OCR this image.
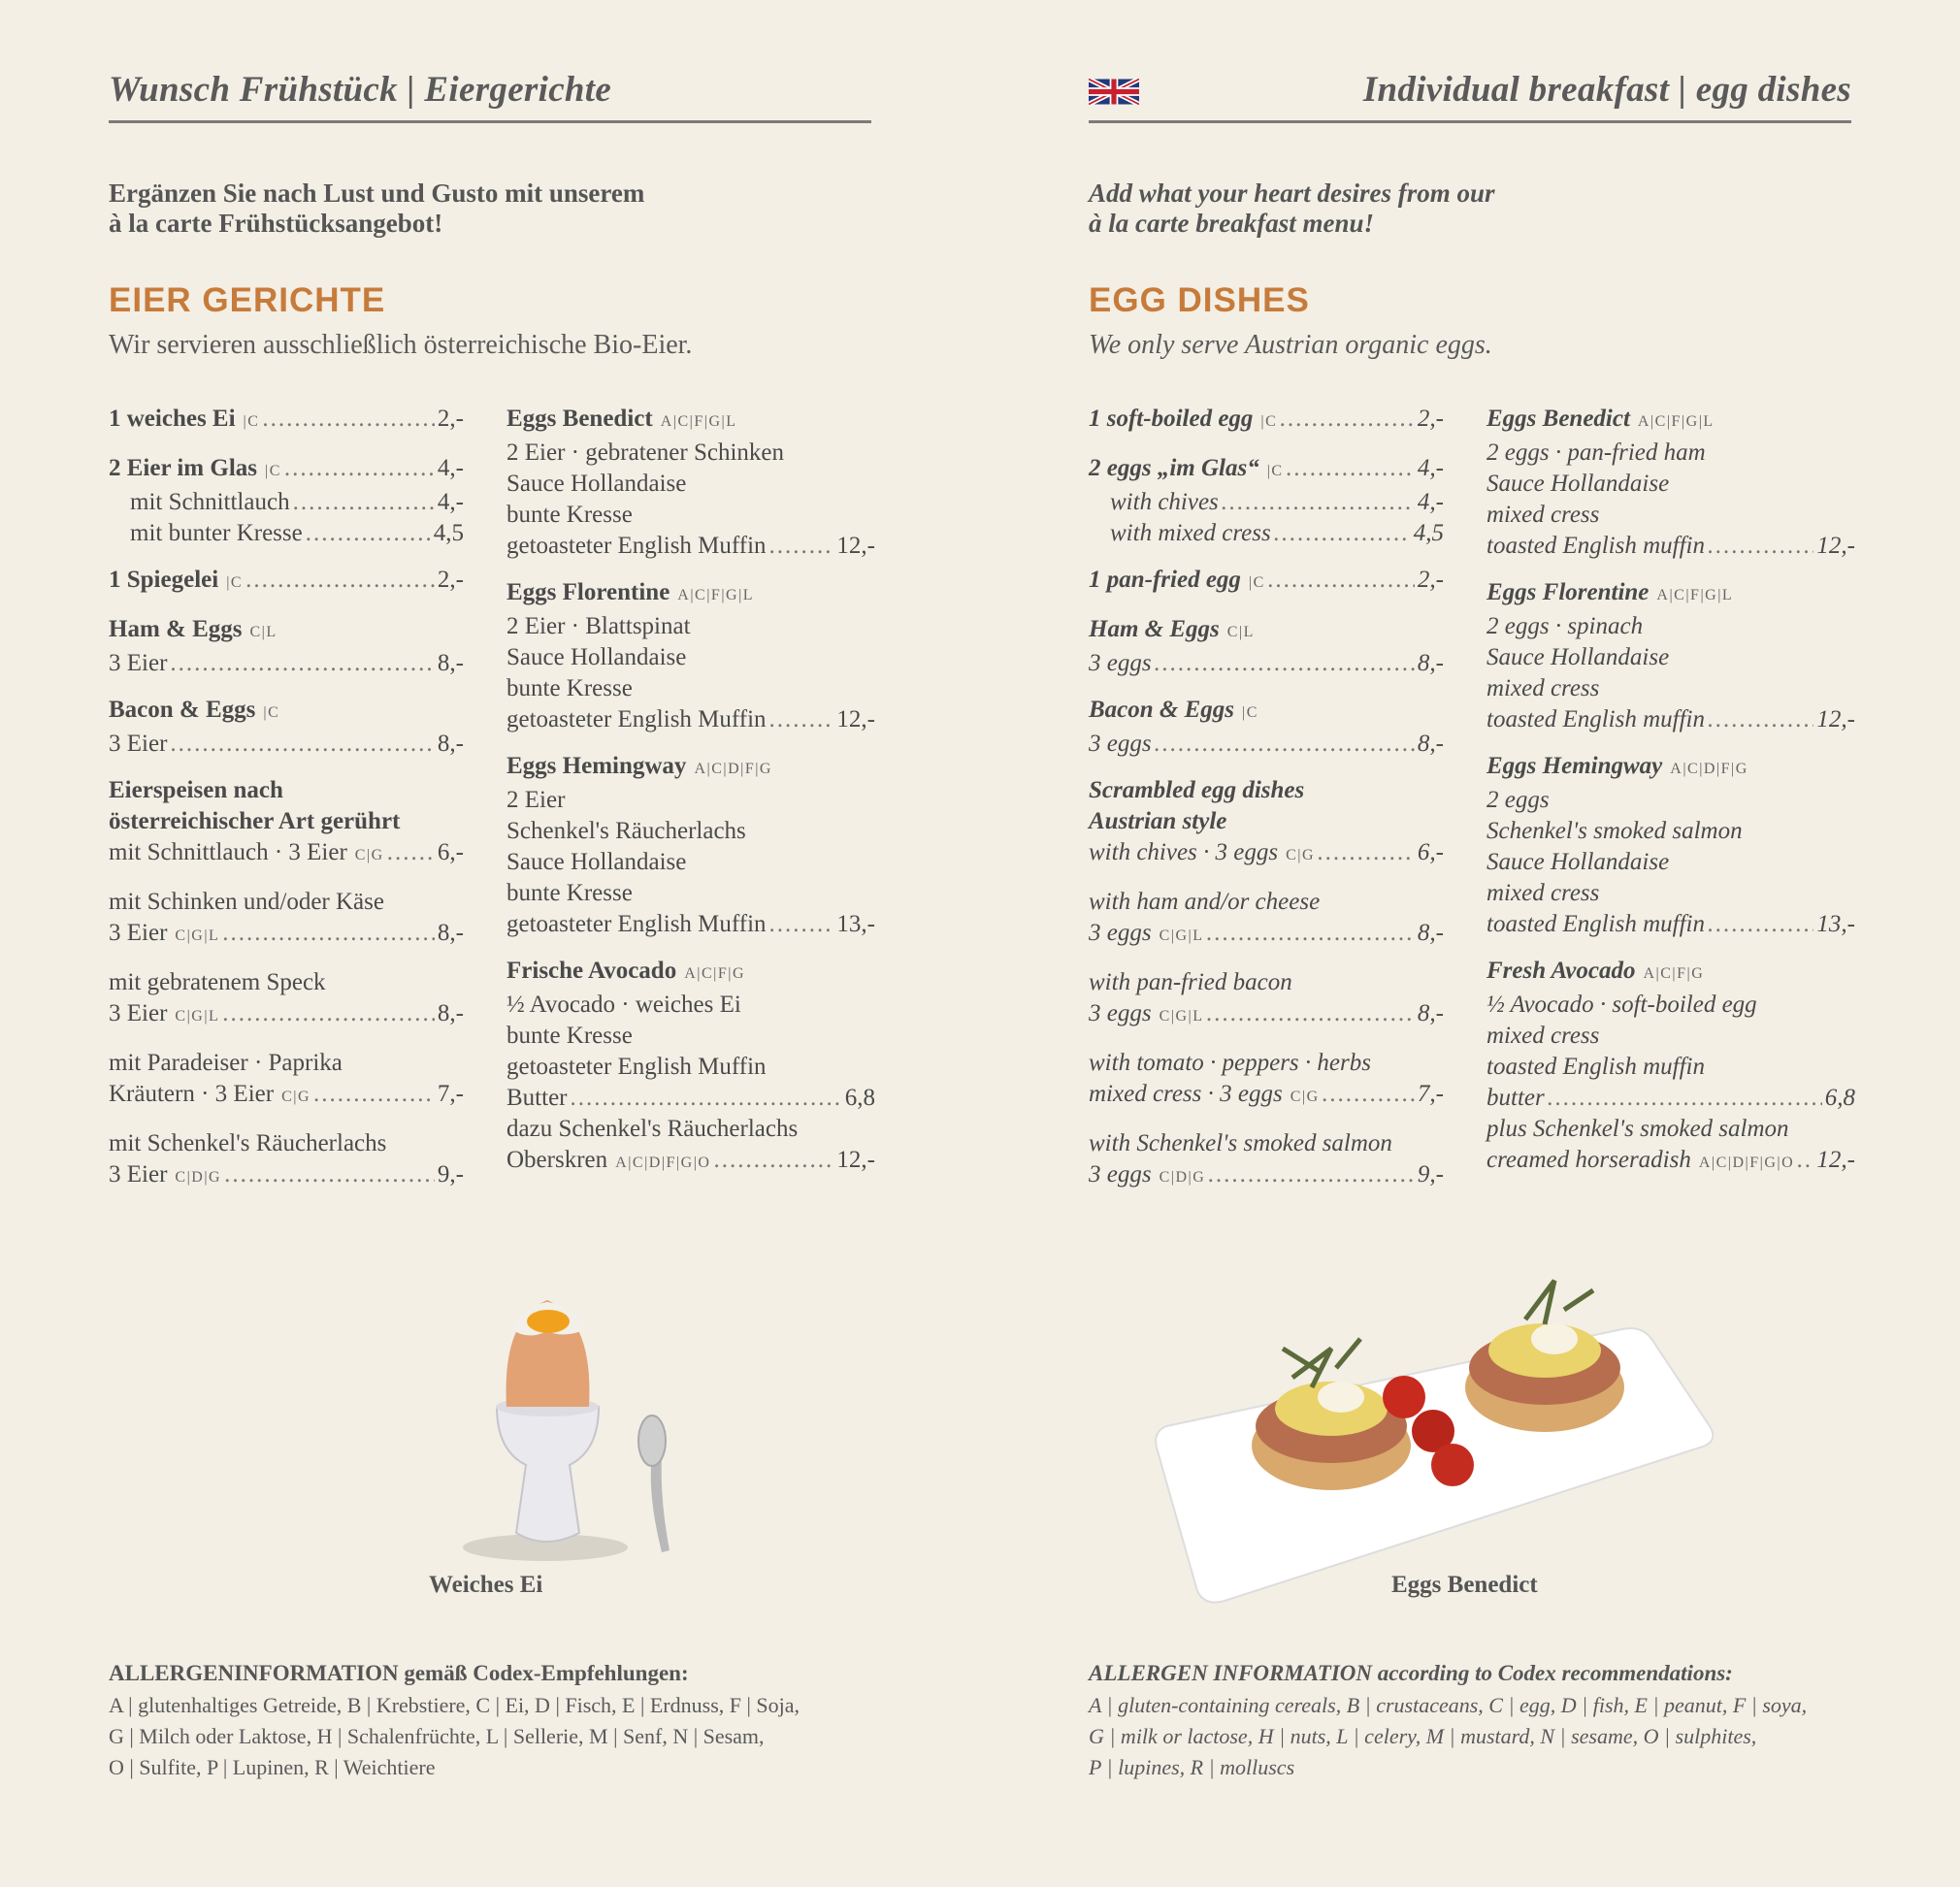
Wunsch Frühstück | Eiergerichte
Ergänzen Sie nach Lust und Gusto mit unserem
à la carte Frühstücksangebot!
EIER GERICHTE
Wir servieren ausschließlich österreichische Bio-Eier.
1 weiches Ei |C .....	2,-
2 Eier im Glas |C .....	4,-
mit Schnittlauch .....	4,-
mit bunter Kresse .....	4,5
1 Spiegelei |C .....	2,-
Ham & Eggs C|L
3 Eier .....	8,-
Bacon & Eggs |C
3 Eier .....	8,-
Eierspeisen nach
österreichischer Art gerührt
mit Schnittlauch · 3 Eier C|G ..... 6,-
mit Schinken und/oder Käse
3 Eier C|G|L .....	8,-
mit gebratenem Speck
3 Eier C|G|L .....	8,-
mit Paradeiser · Paprika
Kräutern · 3 Eier C|G .....	7,-
mit Schenkel's Räucherlachs
3 Eier C|D|G .....	9,-
Eggs Benedict A|C|F|G|L
2 Eier · gebratener Schinken
Sauce Hollandaise
bunte Kresse
getoasteter English Muffin .....	12,-
Eggs Florentine A|C|F|G|L
2 Eier · Blattspinat
Sauce Hollandaise
bunte Kresse
getoasteter English Muffin .....	12,-
Eggs Hemingway A|C|D|F|G
2 Eier
Schenkel's Räucherlachs
Sauce Hollandaise
bunte Kresse
getoasteter English Muffin .....	13,-
Frische Avocado A|C|F|G
½ Avocado · weiches Ei
bunte Kresse
getoasteter English Muffin
Butter .....	6,8
dazu Schenkel's Räucherlachs
Oberskren A|C|D|F|G|O .....	12,-
Weiches Ei
ALLERGENINFORMATION gemäß Codex-Empfehlungen:
A | glutenhaltiges Getreide, B | Krebstiere, C | Ei, D | Fisch, E | Erdnuss, F | Soja,
G | Milch oder Laktose, H | Schalenfrüchte, L | Sellerie, M | Senf, N | Sesam,
O | Sulfite, P | Lupinen, R | Weichtiere
Individual breakfast | egg dishes
Add what your heart desires from our
à la carte breakfast menu!
EGG DISHES
We only serve Austrian organic eggs.
1 soft-boiled egg |C .....	2,-
2 eggs „im Glas“ |C .....	4,-
with chives .....	4,-
with mixed cress .....	4,5
1 pan-fried egg |C .....	2,-
Ham & Eggs C|L
3 eggs .....	8,-
Bacon & Eggs |C
3 eggs .....	8,-
Scrambled egg dishes
Austrian style
with chives · 3 eggs C|G .....	6,-
with ham and/or cheese
3 eggs C|G|L .....	8,-
with pan-fried bacon
3 eggs C|G|L .....	8,-
with tomato · peppers · herbs
mixed cress · 3 eggs C|G .....	7,-
with Schenkel's smoked salmon
3 eggs C|D|G .....	9,-
Eggs Benedict A|C|F|G|L
2 eggs · pan-fried ham
Sauce Hollandaise
mixed cress
toasted English muffin .....	12,-
Eggs Florentine A|C|F|G|L
2 eggs · spinach
Sauce Hollandaise
mixed cress
toasted English muffin .....	12,-
Eggs Hemingway A|C|D|F|G
2 eggs
Schenkel's smoked salmon
Sauce Hollandaise
mixed cress
toasted English muffin .....	13,-
Fresh Avocado A|C|F|G
½ Avocado · soft-boiled egg
mixed cress
toasted English muffin
butter .....	6,8
plus Schenkel's smoked salmon
creamed horseradish A|C|D|F|G|O ..... 12,-
Eggs Benedict
ALLERGEN INFORMATION according to Codex recommendations:
A | gluten-containing cereals, B | crustaceans, C | egg, D | fish, E | peanut, F | soya,
G | milk or lactose, H | nuts, L | celery, M | mustard, N | sesame, O | sulphites,
P | lupines, R | molluscs
